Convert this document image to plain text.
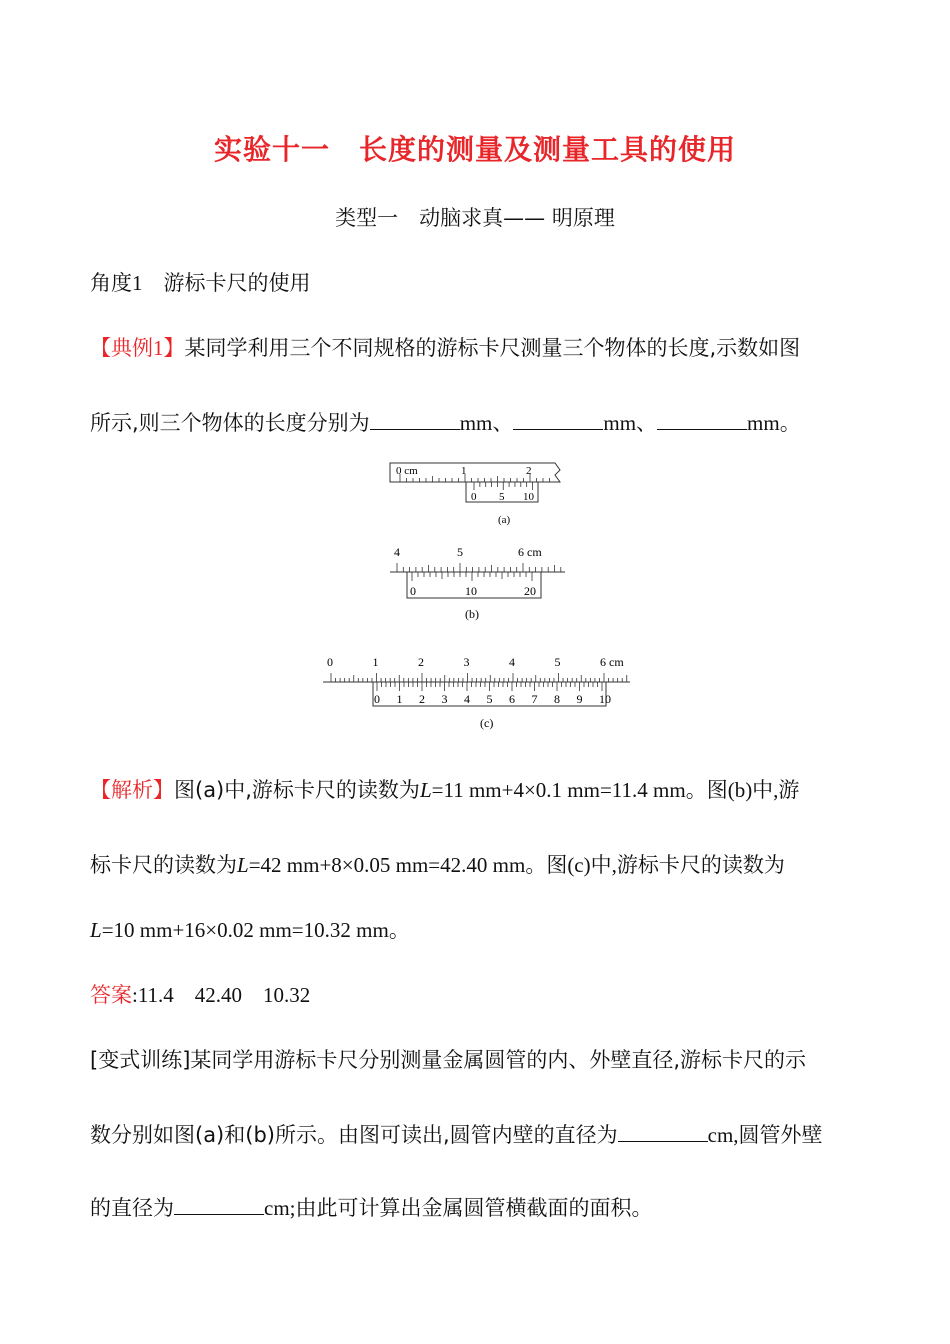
实验十一　长度的测量及测量工具的使用
类型一　动脑求真—— 明原理
角度1　 游标卡尺的使用
【典例1】某同学利用三个不同规格的游标卡尺测量三个物体的长度,示数如图
所示,则三个物体的长度分别为	mm、	mm、	mm。
0 cm	1	2
0 5 10
(a)
4	5	6 cm
0	10	20
(b)
0	1	2	3	4	5	6 cm
0 1 2 3 4 5 6 7 8 9 10
(c)
【解析】图(a)中,游标卡尺的读数为L=11 mm+4×0.1 mm=11.4 mm。图(b)中,游
标卡尺的读数为L=42 mm+8×0.05 mm=42.40 mm。图(c)中,游标卡尺的读数为
L=10 mm+16×0.02 mm=10.32 mm。
答案:11.4　42.40　10.32
[变式训练]某同学用游标卡尺分别测量金属圆管的内、外壁直径,游标卡尺的示
数分别如图(a)和(b)所示。由图可读出,圆管内壁的直径为	cm,圆管外壁
的直径为	cm;由此可计算出金属圆管横截面的面积。
